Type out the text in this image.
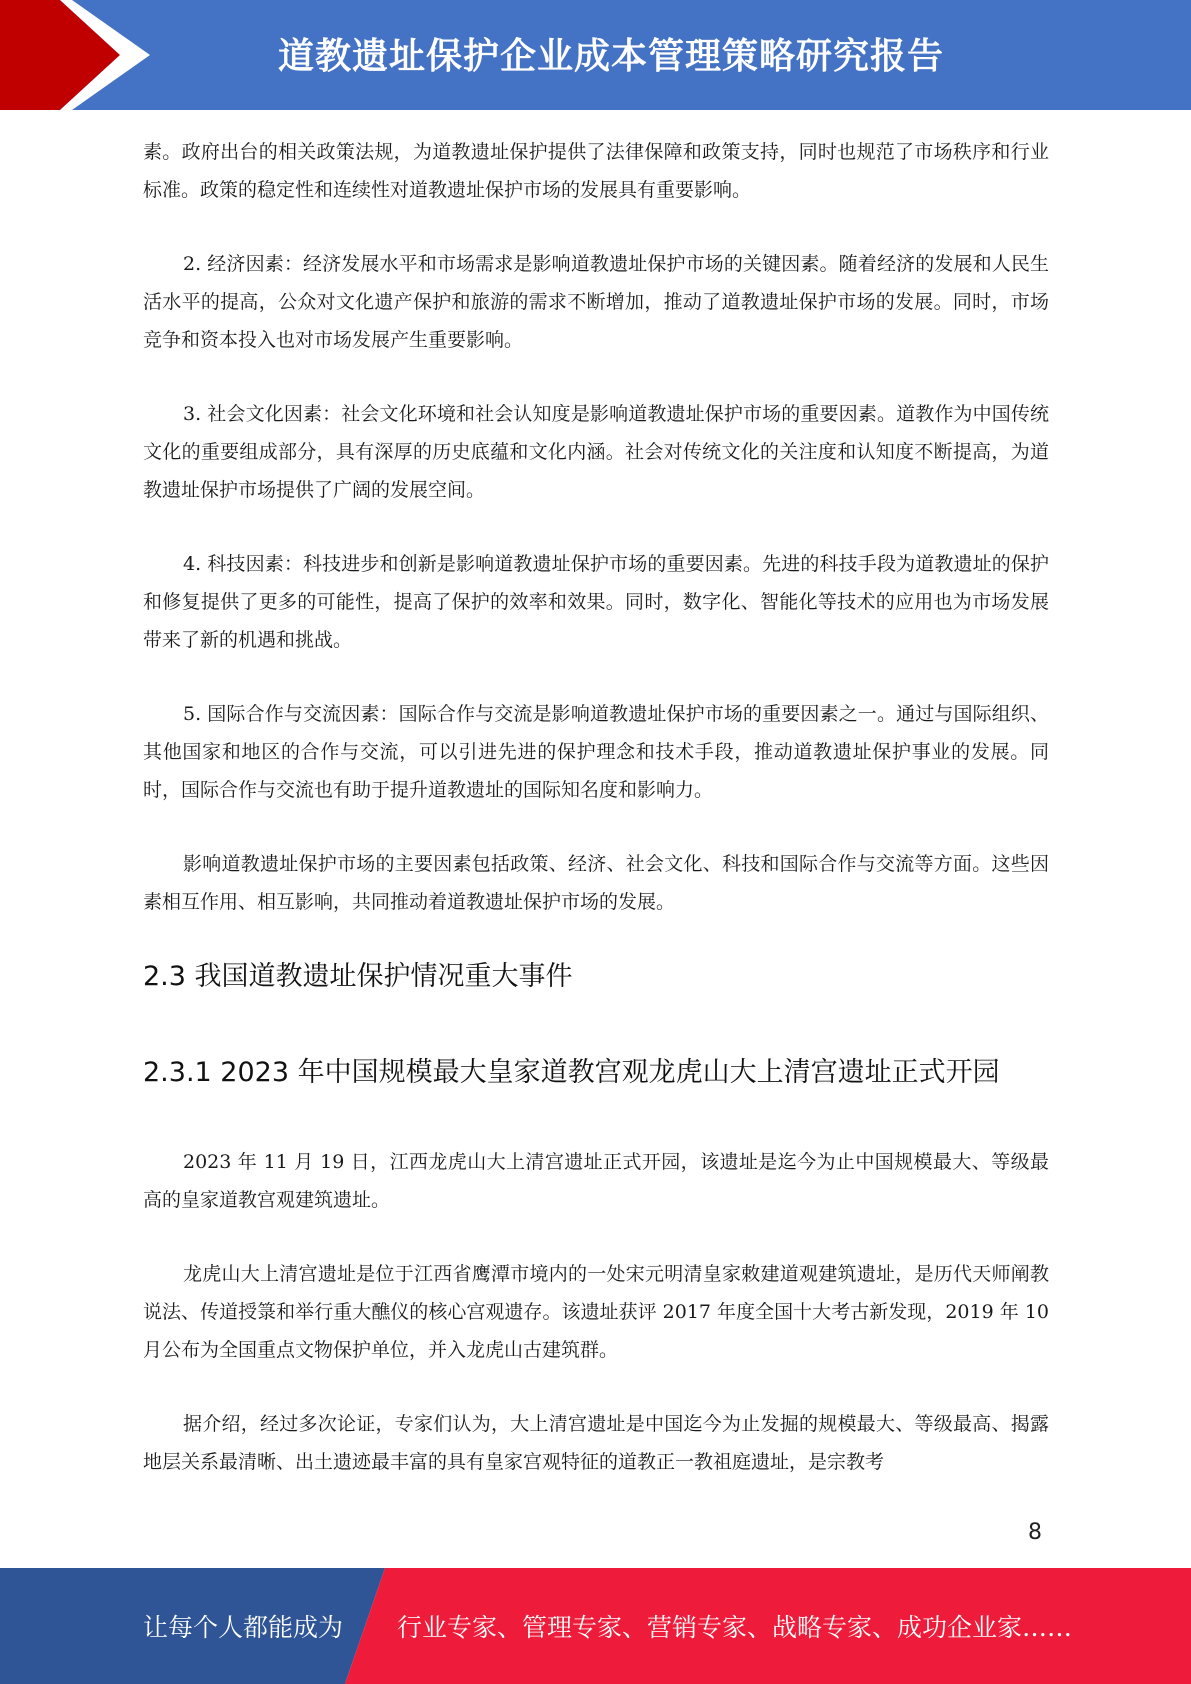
道教遗址保护企业成本管理策略研究报告

素。政府出台的相关政策法规，为道教遗址保护提供了法律保障和政策支持，同时也规范了市场秩序和行业标准。政策的稳定性和连续性对道教遗址保护市场的发展具有重要影响。

2. 经济因素：经济发展水平和市场需求是影响道教遗址保护市场的关键因素。随着经济的发展和人民生活水平的提高，公众对文化遗产保护和旅游的需求不断增加，推动了道教遗址保护市场的发展。同时，市场竞争和资本投入也对市场发展产生重要影响。

3. 社会文化因素：社会文化环境和社会认知度是影响道教遗址保护市场的重要因素。道教作为中国传统文化的重要组成部分，具有深厚的历史底蕴和文化内涵。社会对传统文化的关注度和认知度不断提高，为道教遗址保护市场提供了广阔的发展空间。

4. 科技因素：科技进步和创新是影响道教遗址保护市场的重要因素。先进的科技手段为道教遗址的保护和修复提供了更多的可能性，提高了保护的效率和效果。同时，数字化、智能化等技术的应用也为市场发展带来了新的机遇和挑战。

5. 国际合作与交流因素：国际合作与交流是影响道教遗址保护市场的重要因素之一。通过与国际组织、其他国家和地区的合作与交流，可以引进先进的保护理念和技术手段，推动道教遗址保护事业的发展。同时，国际合作与交流也有助于提升道教遗址的国际知名度和影响力。

影响道教遗址保护市场的主要因素包括政策、经济、社会文化、科技和国际合作与交流等方面。这些因素相互作用、相互影响，共同推动着道教遗址保护市场的发展。

2.3 我国道教遗址保护情况重大事件
2.3.1 2023 年中国规模最大皇家道教宫观龙虎山大上清宫遗址正式开园

2023 年 11 月 19 日，江西龙虎山大上清宫遗址正式开园，该遗址是迄今为止中国规模最大、等级最高的皇家道教宫观建筑遗址。

龙虎山大上清宫遗址是位于江西省鹰潭市境内的一处宋元明清皇家敕建道观建筑遗址，是历代天师阐教说法、传道授箓和举行重大醮仪的核心宫观遗存。该遗址获评 2017 年度全国十大考古新发现，2019 年 10 月公布为全国重点文物保护单位，并入龙虎山古建筑群。

据介绍，经过多次论证，专家们认为，大上清宫遗址是中国迄今为止发掘的规模最大、等级最高、揭露地层关系最清晰、出土遗迹最丰富的具有皇家宫观特征的道教正一教祖庭遗址，是宗教考

8
让每个人都能成为 行业专家、管理专家、营销专家、战略专家、成功企业家……
